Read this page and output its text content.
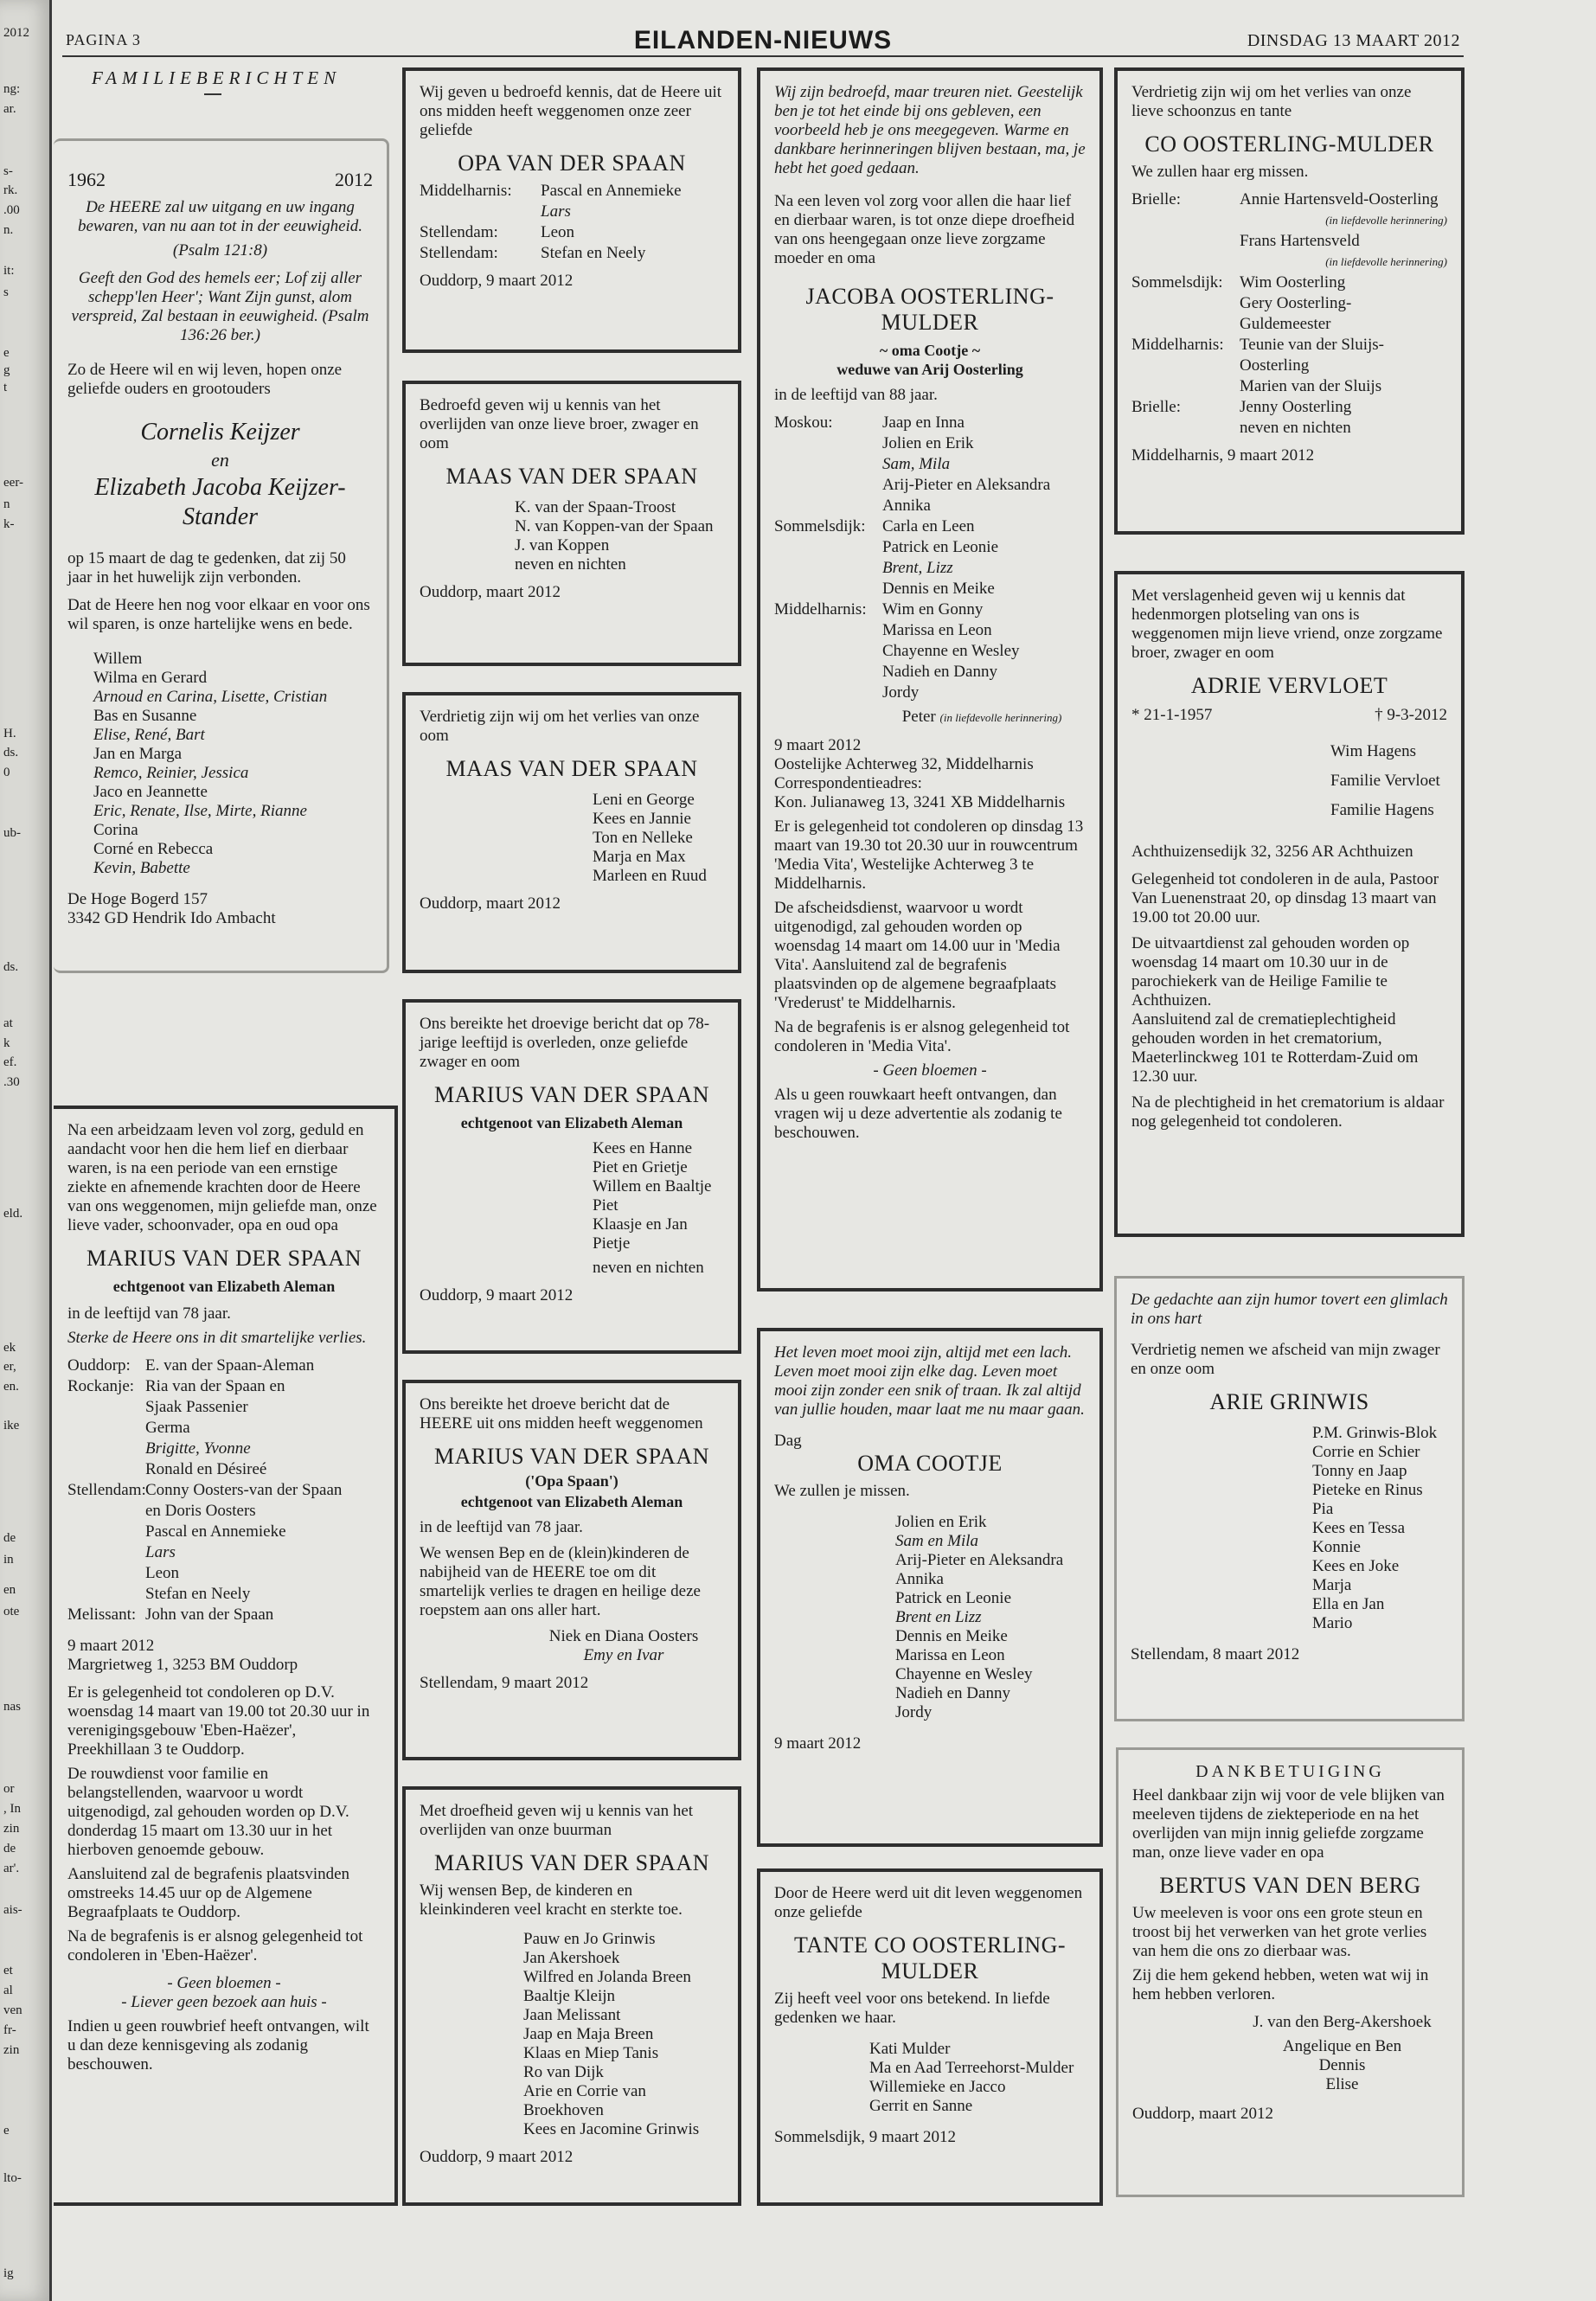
2012
ng:
ar.
s-
rk.
.00
n.
it:
s
e
g
t
eer-
n
k-
H.
ds.
0
ub-
ds.
at
k
ef.
.30
eld.
ek
er,
en.
ike
de
in
en
ote
nas
or
, In
zin
de
ar'.
ais-
et
al
ven
fr-
zin
e
lto-
ig
PAGINA 3	EILANDEN-NIEUWS	DINSDAG 13 MAART 2012
FAMILIEBERICHTEN
1962	2012

De HEERE zal uw uitgang en uw ingang bewaren, van nu aan tot in der eeuwigheid.

(Psalm 121:8)

Geeft den God des hemels eer; Lof zij aller schepp'len Heer'; Want Zijn gunst, alom verspreid, Zal bestaan in eeuwigheid. (Psalm 136:26 ber.)

Zo de Heere wil en wij leven, hopen onze geliefde ouders en grootouders

Cornelis Keijzer
en
Elizabeth Jacoba Keijzer-Stander

op 15 maart de dag te gedenken, dat zij 50 jaar in het huwelijk zijn verbonden.

Dat de Heere hen nog voor elkaar en voor ons wil sparen, is onze hartelijke wens en bede.

Willem
Wilma en Gerard
Arnoud en Carina, Lisette, Cristian
Bas en Susanne
Elise, René, Bart
Jan en Marga
Remco, Reinier, Jessica
Jaco en Jeannette
Eric, Renate, Ilse, Mirte, Rianne
Corina
Corné en Rebecca
Kevin, Babette
De Hoge Bogerd 157
3342 GD Hendrik Ido Ambacht

Na een arbeidzaam leven vol zorg, geduld en aandacht voor hen die hem lief en dierbaar waren, is na een periode van een ernstige ziekte en afnemende krachten door de Heere van ons weggenomen, mijn geliefde man, onze lieve vader, schoonvader, opa en oud opa

MARIUS VAN DER SPAAN
echtgenoot van Elizabeth Aleman

in de leeftijd van 78 jaar.

Sterke de Heere ons in dit smartelijke verlies.

Ouddorp: E. van der Spaan-Aleman
Rockanje: Ria van der Spaan en
Sjaak Passenier
Germa
Brigitte, Yvonne
Ronald en Désireé
Stellendam: Conny Oosters-van der Spaan
en Doris Oosters
Pascal en Annemieke
Lars
Leon
Stefan en Neely
Melissant: John van der Spaan

9 maart 2012

Margrietweg 1, 3253 BM Ouddorp

Er is gelegenheid tot condoleren op D.V. woensdag 14 maart van 19.00 tot 20.30 uur in verenigingsgebouw 'Eben-Haëzer', Preekhillaan 3 te Ouddorp.

De rouwdienst voor familie en belangstellenden, waarvoor u wordt uitgenodigd, zal gehouden worden op D.V. donderdag 15 maart om 13.30 uur in het hierboven genoemde gebouw.

Aansluitend zal de begrafenis plaatsvinden omstreeks 14.45 uur op de Algemene Begraafplaats te Ouddorp.

Na de begrafenis is er alsnog gelegenheid tot condoleren in 'Eben-Haëzer'.

- Geen bloemen -

- Liever geen bezoek aan huis -

Indien u geen rouwbrief heeft ontvangen, wilt u dan deze kennisgeving als zodanig beschouwen.

Wij geven u bedroefd kennis, dat de Heere uit ons midden heeft weggenomen onze zeer geliefde

OPA VAN DER SPAAN
Middelharnis:	Pascal en Annemieke
Lars
Stellendam:	Leon
Stellendam:	Stefan en Neely

Ouddorp, 9 maart 2012

Bedroefd geven wij u kennis van het overlijden van onze lieve broer, zwager en oom

MAAS VAN DER SPAAN
K. van der Spaan-Troost
N. van Koppen-van der Spaan
J. van Koppen
neven en nichten

Ouddorp, maart 2012

Verdrietig zijn wij om het verlies van onze oom

MAAS VAN DER SPAAN
Leni en George
Kees en Jannie
Ton en Nelleke
Marja en Max
Marleen en Ruud

Ouddorp, maart 2012

Ons bereikte het droevige bericht dat op 78-jarige leeftijd is overleden, onze geliefde zwager en oom

MARIUS VAN DER SPAAN
echtgenoot van Elizabeth Aleman
Kees en Hanne
Piet en Grietje
Willem en Baaltje
Piet
Klaasje en Jan
Pietje

neven en nichten

Ouddorp, 9 maart 2012

Ons bereikte het droeve bericht dat de HEERE uit ons midden heeft weggenomen

MARIUS VAN DER SPAAN
('Opa Spaan')
echtgenoot van Elizabeth Aleman

in de leeftijd van 78 jaar.

We wensen Bep en de (klein)kinderen de nabijheid van de HEERE toe om dit smartelijk verlies te dragen en heilige deze roepstem aan ons aller hart.

Niek en Diana Oosters

Emy en Ivar

Stellendam, 9 maart 2012

Met droefheid geven wij u kennis van het overlijden van onze buurman

MARIUS VAN DER SPAAN

Wij wensen Bep, de kinderen en kleinkinderen veel kracht en sterkte toe.

Pauw en Jo Grinwis
Jan Akershoek
Wilfred en Jolanda Breen
Baaltje Kleijn
Jaan Melissant
Jaap en Maja Breen
Klaas en Miep Tanis
Ro van Dijk
Arie en Corrie van Broekhoven
Kees en Jacomine Grinwis

Ouddorp, 9 maart 2012

Wij zijn bedroefd, maar treuren niet. Geestelijk ben je tot het einde bij ons gebleven, een voorbeeld heb je ons meegegeven. Warme en dankbare herinneringen blijven bestaan, ma, je hebt het goed gedaan.

Na een leven vol zorg voor allen die haar lief en dierbaar waren, is tot onze diepe droefheid van ons heengegaan onze lieve zorgzame moeder en oma

JACOBA OOSTERLING-MULDER
~ oma Cootje ~
weduwe van Arij Oosterling

in de leeftijd van 88 jaar.

Moskou:	Jaap en Inna
Jolien en Erik
Sam, Mila
Arij-Pieter en Aleksandra
Annika
Sommelsdijk:	Carla en Leen
Patrick en Leonie
Brent, Lizz
Dennis en Meike
Middelharnis: Wim en Gonny
Marissa en Leon
Chayenne en Wesley
Nadieh en Danny
Jordy

Peter (in liefdevolle herinnering)

9 maart 2012

Oostelijke Achterweg 32, Middelharnis

Correspondentieadres:

Kon. Julianaweg 13, 3241 XB Middelharnis

Er is gelegenheid tot condoleren op dinsdag 13 maart van 19.30 tot 20.30 uur in rouwcentrum 'Media Vita', Westelijke Achterweg 3 te Middelharnis.

De afscheidsdienst, waarvoor u wordt uitgenodigd, zal gehouden worden op woensdag 14 maart om 14.00 uur in 'Media Vita'. Aansluitend zal de begrafenis plaatsvinden op de algemene begraafplaats 'Vrederust' te Middelharnis.

Na de begrafenis is er alsnog gelegenheid tot condoleren in 'Media Vita'.

- Geen bloemen -

Als u geen rouwkaart heeft ontvangen, dan vragen wij u deze advertentie als zodanig te beschouwen.

Het leven moet mooi zijn, altijd met een lach. Leven moet mooi zijn elke dag. Leven moet mooi zijn zonder een snik of traan. Ik zal altijd van jullie houden, maar laat me nu maar gaan.

Dag

OMA COOTJE

We zullen je missen.

Jolien en Erik
Sam en Mila
Arij-Pieter en Aleksandra
Annika
Patrick en Leonie
Brent en Lizz
Dennis en Meike
Marissa en Leon
Chayenne en Wesley
Nadieh en Danny
Jordy

9 maart 2012

Door de Heere werd uit dit leven weggenomen onze geliefde

TANTE CO OOSTERLING-MULDER

Zij heeft veel voor ons betekend. In liefde gedenken we haar.

Kati Mulder
Ma en Aad Terreehorst-Mulder
Willemieke en Jacco
Gerrit en Sanne

Sommelsdijk, 9 maart 2012

Verdrietig zijn wij om het verlies van onze lieve schoonzus en tante

CO OOSTERLING-MULDER

We zullen haar erg missen.

Brielle:	Annie Hartensveld-Oosterling
(in liefdevolle herinnering)
Frans Hartensveld
(in liefdevolle herinnering)
Sommelsdijk:	Wim Oosterling
Gery Oosterling-
Guldemeester
Middelharnis: Teunie van der Sluijs-
Oosterling
Marien van der Sluijs
Brielle:	Jenny Oosterling
neven en nichten

Middelharnis, 9 maart 2012

Met verslagenheid geven wij u kennis dat hedenmorgen plotseling van ons is weggenomen mijn lieve vriend, onze zorgzame broer, zwager en oom

ADRIE VERVLOET
* 21-1-1957	† 9-3-2012
Wim Hagens
Familie Vervloet
Familie Hagens

Achthuizensedijk 32, 3256 AR Achthuizen

Gelegenheid tot condoleren in de aula, Pastoor Van Luenenstraat 20, op dinsdag 13 maart van 19.00 tot 20.00 uur.

De uitvaartdienst zal gehouden worden op woensdag 14 maart om 10.30 uur in de parochiekerk van de Heilige Familie te Achthuizen.

Aansluitend zal de crematieplechtigheid gehouden worden in het crematorium, Maeterlinckweg 101 te Rotterdam-Zuid om 12.30 uur.

Na de plechtigheid in het crematorium is aldaar nog gelegenheid tot condoleren.

De gedachte aan zijn humor tovert een glimlach in ons hart

Verdrietig nemen we afscheid van mijn zwager en onze oom

ARIE GRINWIS
P.M. Grinwis-Blok
Corrie en Schier
Tonny en Jaap
Pieteke en Rinus
Pia
Kees en Tessa
Konnie
Kees en Joke
Marja
Ella en Jan
Mario

Stellendam, 8 maart 2012

DANKBETUIGING

Heel dankbaar zijn wij voor de vele blijken van meeleven tijdens de ziekteperiode en na het overlijden van mijn innig geliefde zorgzame man, onze lieve vader en opa

BERTUS VAN DEN BERG

Uw meeleven is voor ons een grote steun en troost bij het verwerken van het grote verlies van hem die ons zo dierbaar was.

Zij die hem gekend hebben, weten wat wij in hem hebben verloren.

J. van den Berg-Akershoek

Angelique en Ben
Dennis
Elise

Ouddorp, maart 2012
